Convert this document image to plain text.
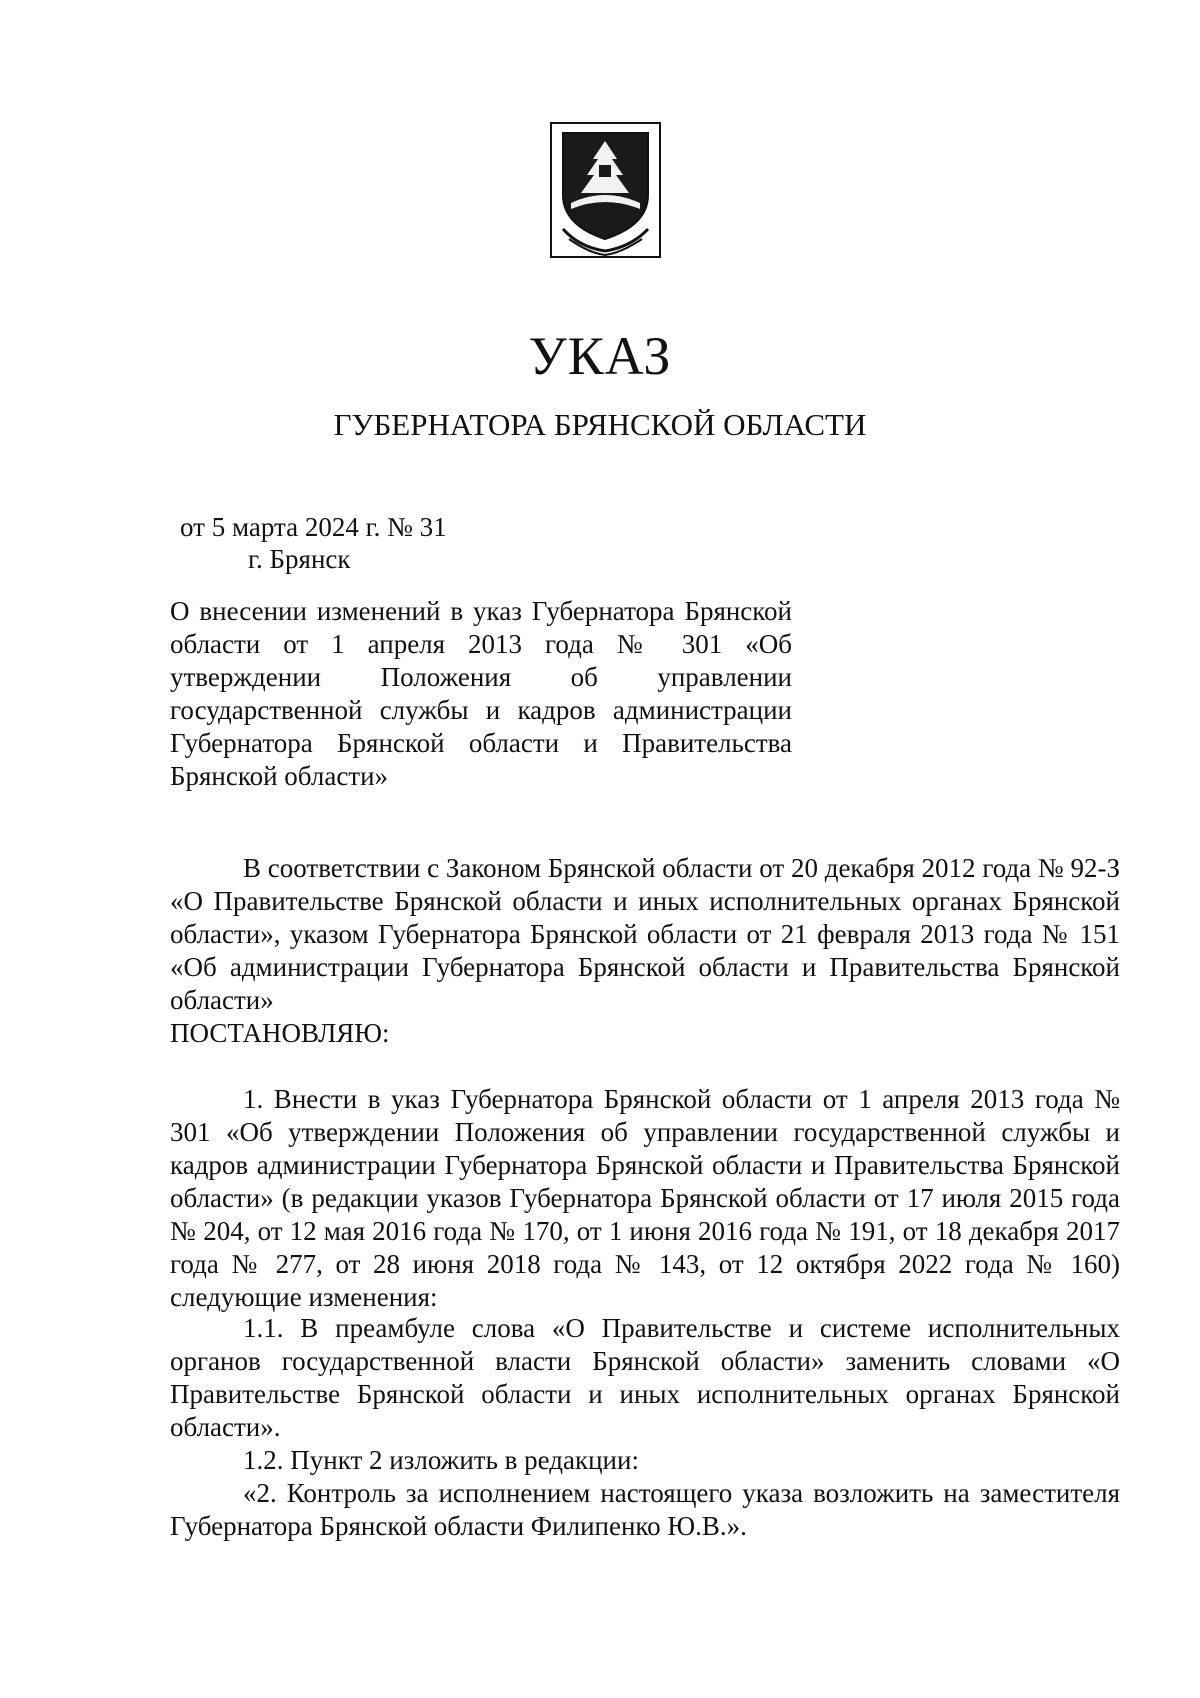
УКАЗ
ГУБЕРНАТОРА БРЯНСКОЙ ОБЛАСТИ
от 5 марта 2024 г. № 31
г. Брянск

О внесении изменений в указ Губернатора Брянской области от 1 апреля 2013 года № 301 «Об утверждении Положения об управлении государственной службы и кадров администрации Губернатора Брянской области и Правительства Брянской области»

В соответствии с Законом Брянской области от 20 декабря 2012 года № 92-З «О Правительстве Брянской области и иных исполнительных органах Брянской области», указом Губернатора Брянской области от 21 февраля 2013 года № 151 «Об администрации Губернатора Брянской области и Правительства Брянской области»

ПОСТАНОВЛЯЮ:

1. Внести в указ Губернатора Брянской области от 1 апреля 2013 года № 301 «Об утверждении Положения об управлении государственной службы и кадров администрации Губернатора Брянской области и Правительства Брянской области» (в редакции указов Губернатора Брянской области от 17 июля 2015 года № 204, от 12 мая 2016 года № 170, от 1 июня 2016 года № 191, от 18 декабря 2017 года № 277, от 28 июня 2018 года № 143, от 12 октября 2022 года № 160) следующие изменения:

1.1. В преамбуле слова «О Правительстве и системе исполнительных органов государственной власти Брянской области» заменить словами «О Правительстве Брянской области и иных исполнительных органах Брянской области».

1.2. Пункт 2 изложить в редакции:

«2. Контроль за исполнением настоящего указа возложить на заместителя Губернатора Брянской области Филипенко Ю.В.».
